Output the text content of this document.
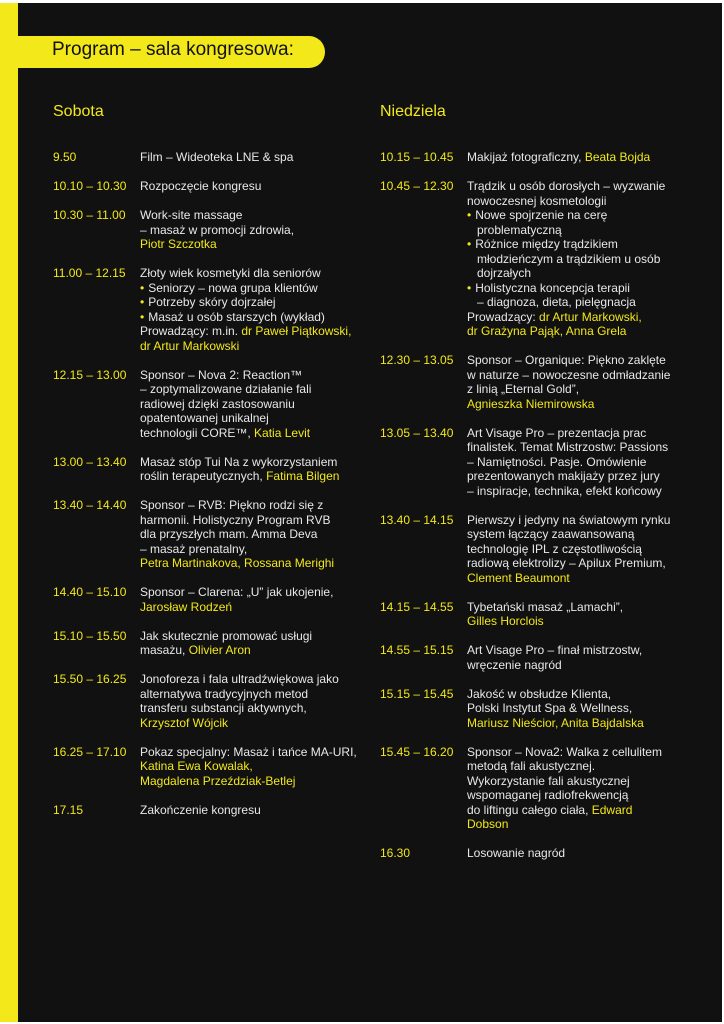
Program – sala kongresowa:
Sobota	Niedziela
9.50	Film – Wideoteka LNE & spa
10.10 – 10.30 Rozpoczęcie kongresu
10.30 – 11.00 Work-site massage
– masaż w promocji zdrowia,
Piotr Szczotka
11.00 – 12.15 Złoty wiek kosmetyki dla seniorów
• Seniorzy – nowa grupa klientów
• Potrzeby skóry dojrzałej
• Masaż u osób starszych (wykład)
Prowadzący: m.in. dr Paweł Piątkowski,
dr Artur Markowski
12.15 – 13.00 Sponsor – Nova 2: Reaction™
– zoptymalizowane działanie fali
radiowej dzięki zastosowaniu
opatentowanej unikalnej
technologii CORE™, Katia Levit
13.00 – 13.40 Masaż stóp Tui Na z wykorzystaniem
roślin terapeutycznych, Fatima Bilgen
13.40 – 14.40 Sponsor – RVB: Piękno rodzi się z
harmonii. Holistyczny Program RVB
dla przyszłych mam. Amma Deva
– masaż prenatalny,
Petra Martinakova, Rossana Merighi
14.40 – 15.10 Sponsor – Clarena: „U” jak ukojenie,
Jarosław Rodzeń
15.10 – 15.50 Jak skutecznie promować usługi
masażu, Olivier Aron
15.50 – 16.25 Jonoforeza i fala ultradźwiękowa jako
alternatywa tradycyjnych metod
transferu substancji aktywnych,
Krzysztof Wójcik
16.25 – 17.10 Pokaz specjalny: Masaż i tańce MA-URI,
Katina Ewa Kowalak,
Magdalena Przeździak-Betlej
17.15	Zakończenie kongresu
10.15 – 10.45 Makijaż fotograficzny, Beata Bojda
10.45 – 12.30 Trądzik u osób dorosłych – wyzwanie
nowoczesnej kosmetologii
• Nowe spojrzenie na cerę
problematyczną
• Różnice między trądzikiem
młodzieńczym a trądzikiem u osób
dojrzałych
• Holistyczna koncepcja terapii
– diagnoza, dieta, pielęgnacja
Prowadzący: dr Artur Markowski,
dr Grażyna Pająk, Anna Grela
12.30 – 13.05 Sponsor – Organique: Piękno zaklęte
w naturze – nowoczesne odmładzanie
z linią „Eternal Gold”,
Agnieszka Niemirowska
13.05 – 13.40 Art Visage Pro – prezentacja prac
finalistek. Temat Mistrzostw: Passions
– Namiętności. Pasje. Omówienie
prezentowanych makijaży przez jury
– inspiracje, technika, efekt końcowy
13.40 – 14.15 Pierwszy i jedyny na światowym rynku
system łączący zaawansowaną
technologię IPL z częstotliwością
radiową elektrolizy – Apilux Premium,
Clement Beaumont
14.15 – 14.55 Tybetański masaż „Lamachi”,
Gilles Horclois
14.55 – 15.15 Art Visage Pro – finał mistrzostw,
wręczenie nagród
15.15 – 15.45 Jakość w obsłudze Klienta,
Polski Instytut Spa & Wellness,
Mariusz Nieścior, Anita Bajdalska
15.45 – 16.20 Sponsor – Nova2: Walka z cellulitem
metodą fali akustycznej.
Wykorzystanie fali akustycznej
wspomaganej radiofrekwencją
do liftingu całego ciała, Edward
Dobson
16.30	Losowanie nagród
